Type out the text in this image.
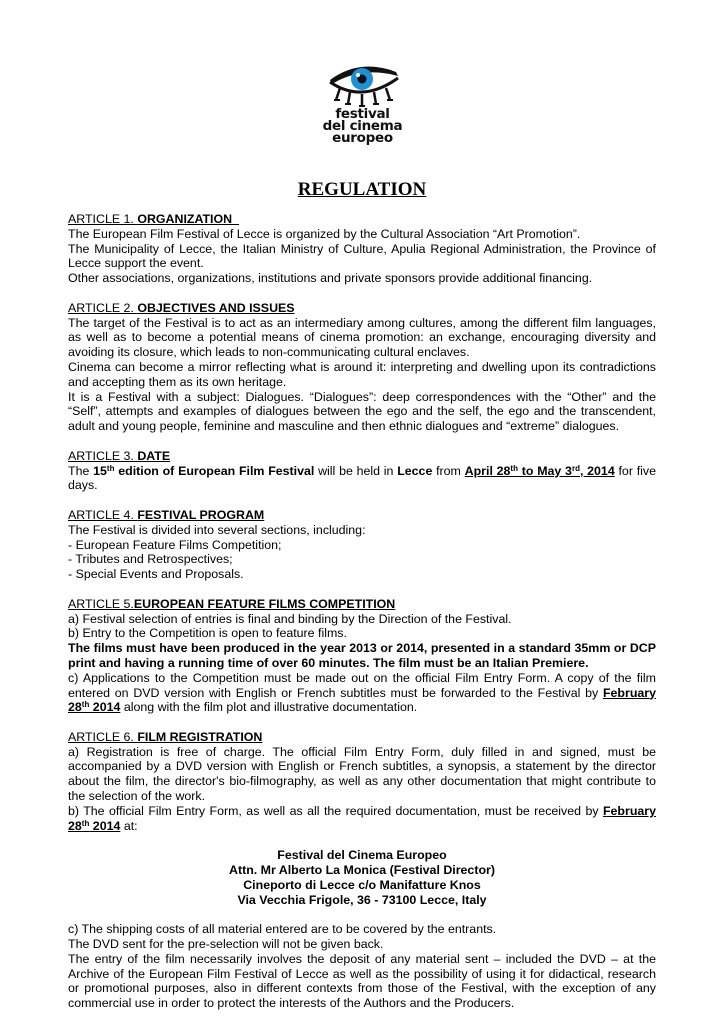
festival
del cinema
europeo
REGULATION

ARTICLE 1. ORGANIZATION

The European Film Festival of Lecce is organized by the Cultural Association “Art Promotion”.

The Municipality of Lecce, the Italian Ministry of Culture, Apulia Regional Administration, the Province of Lecce support the event.

Other associations, organizations, institutions and private sponsors provide additional financing.

ARTICLE 2. OBJECTIVES AND ISSUES

The target of the Festival is to act as an intermediary among cultures, among the different film languages, as well as to become a potential means of cinema promotion: an exchange, encouraging diversity and avoiding its closure, which leads to non-communicating cultural enclaves.

Cinema can become a mirror reflecting what is around it: interpreting and dwelling upon its contradictions and accepting them as its own heritage.

It is a Festival with a subject: Dialogues. “Dialogues”: deep correspondences with the “Other” and the “Self”, attempts and examples of dialogues between the ego and the self, the ego and the transcendent, adult and young people, feminine and masculine and then ethnic dialogues and “extreme” dialogues.

ARTICLE 3. DATE

The 15th edition of European Film Festival will be held in Lecce from April 28th to May 3rd, 2014 for five days.

ARTICLE 4. FESTIVAL PROGRAM

The Festival is divided into several sections, including:

- European Feature Films Competition;

- Tributes and Retrospectives;

- Special Events and Proposals.

ARTICLE 5.EUROPEAN FEATURE FILMS COMPETITION

a) Festival selection of entries is final and binding by the Direction of the Festival.

b) Entry to the Competition is open to feature films.

The films must have been produced in the year 2013 or 2014, presented in a standard 35mm or DCP print and having a running time of over 60 minutes. The film must be an Italian Premiere.

c) Applications to the Competition must be made out on the official Film Entry Form. A copy of the film entered on DVD version with English or French subtitles must be forwarded to the Festival by February 28th 2014 along with the film plot and illustrative documentation.

ARTICLE 6. FILM REGISTRATION

a) Registration is free of charge. The official Film Entry Form, duly filled in and signed, must be accompanied by a DVD version with English or French subtitles, a synopsis, a statement by the director about the film, the director's bio-filmography, as well as any other documentation that might contribute to the selection of the work.

b) The official Film Entry Form, as well as all the required documentation, must be received by February 28th 2014 at:

Festival del Cinema Europeo

Attn. Mr Alberto La Monica (Festival Director)

Cineporto di Lecce c/o Manifatture Knos

Via Vecchia Frigole, 36 - 73100 Lecce, Italy

c) The shipping costs of all material entered are to be covered by the entrants.

The DVD sent for the pre-selection will not be given back.

The entry of the film necessarily involves the deposit of any material sent – included the DVD – at the Archive of the European Film Festival of Lecce as well as the possibility of using it for didactical, research or promotional purposes, also in different contexts from those of the Festival, with the exception of any commercial use in order to protect the interests of the Authors and the Producers.
